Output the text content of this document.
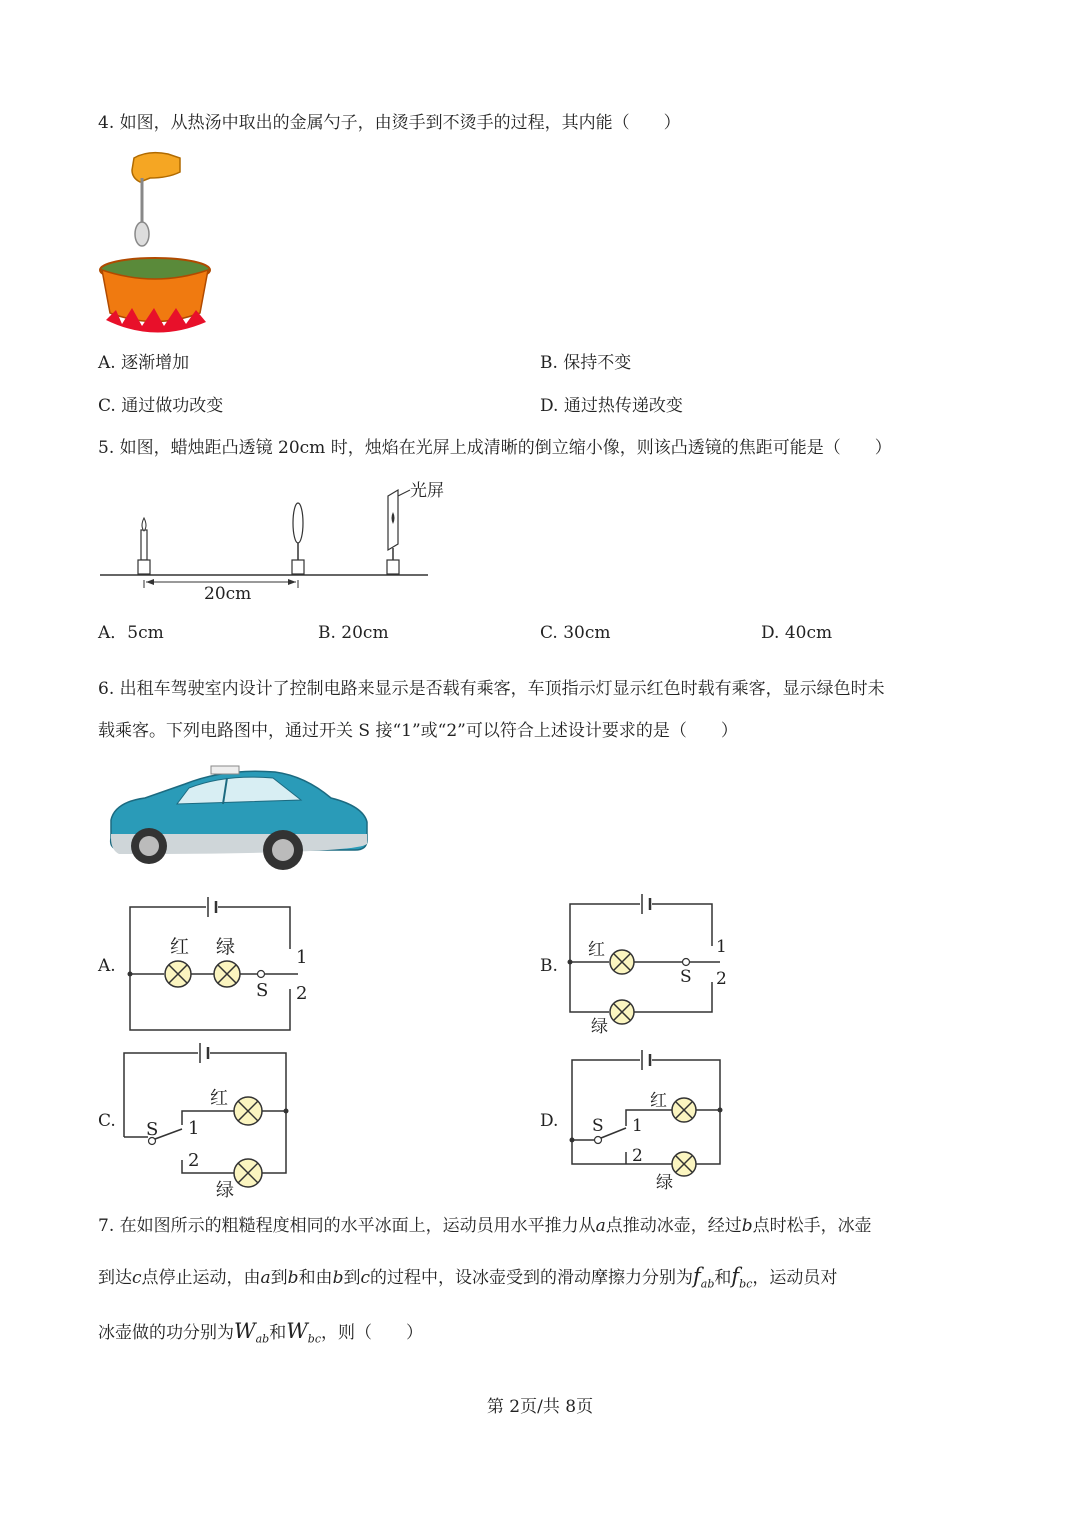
4. 如图，从热汤中取出的金属勺子，由烫手到不烫手的过程，其内能（　　）
A. 逐渐增加	B. 保持不变
C. 通过做功改变	D. 通过热传递改变
5. 如图，蜡烛距凸透镜 20cm 时，烛焰在光屏上成清晰的倒立缩小像，则该凸透镜的焦距可能是（　　）
光屏
20cm
A．5cm	B. 20cm	C. 30cm	D. 40cm
6. 出租车驾驶室内设计了控制电路来显示是否载有乘客，车顶指示灯显示红色时载有乘客，显示绿色时未
载乘客。下列电路图中，通过开关 S 接“1”或“2”可以符合上述设计要求的是（　　）
A.
红 绿
S
1
2
B.
红
绿
S
1
2
C.
红
绿
S 1
2
D.
红
绿
S 1
2
7. 在如图所示的粗糙程度相同的水平冰面上，运动员用水平推力从a点推动冰壶，经过b点时松手，冰壶
到达c点停止运动，由a到b和由b到c的过程中，设冰壶受到的滑动摩擦力分别为$f_{ab}$和$f_{bc}$，运动员对
冰壶做的功分别为$W_{ab}$和$W_{bc}$，则（　　）
第 2页/共 8页
